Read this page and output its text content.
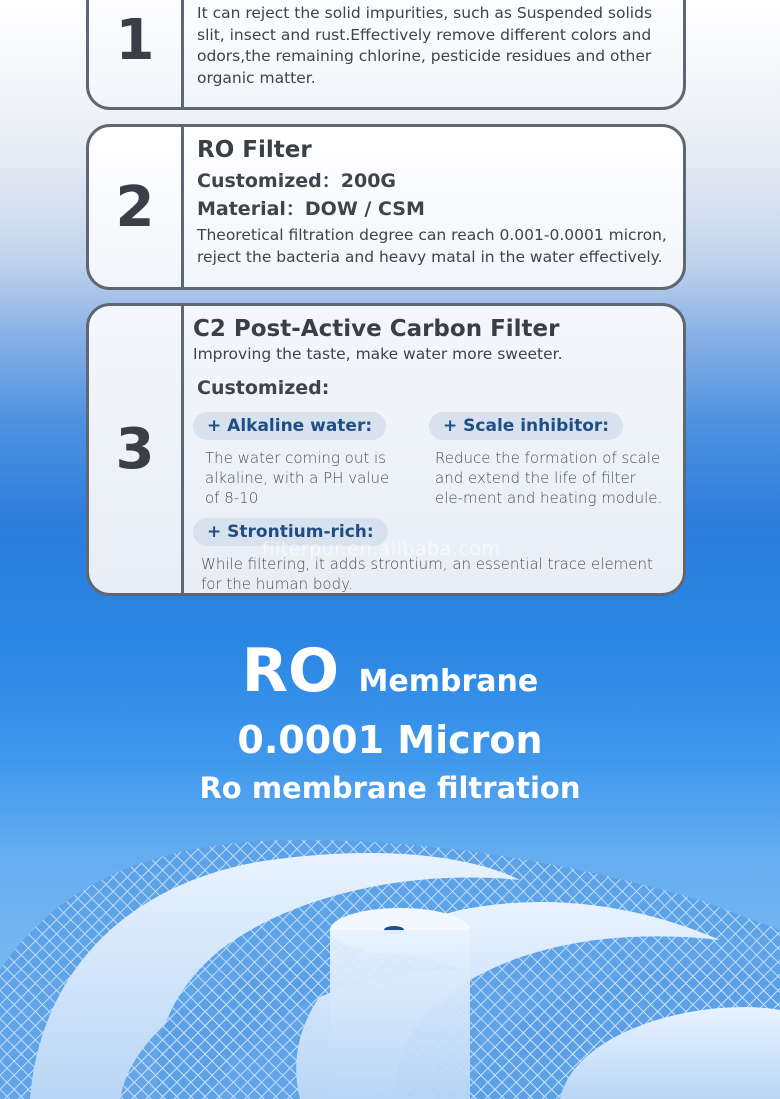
1	It can reject the solid impurities, such as Suspended solids slit, insect and rust.Effectively remove different colors and odors,the remaining chlorine, pesticide residues and other organic matter.
2
RO Filter
Customized：200G
Material：DOW / CSM
Theoretical filtration degree can reach 0.001-0.0001 micron, reject the bacteria and heavy matal in the water effectively.
3
C2 Post-Active Carbon Filter
Improving the taste, make water more sweeter.
Customized:
+ Alkaline water:
The water coming out is alkaline, with a PH value of 8-10
+ Scale inhibitor:
Reduce the formation of scale and extend the life of filter ele-ment and heating module.
+ Strontium-rich:
While filtering, it adds strontium, an essential trace element for the human body.
filterpur.en.alibaba.com
RO Membrane
0.0001 Micron
Ro membrane filtration
